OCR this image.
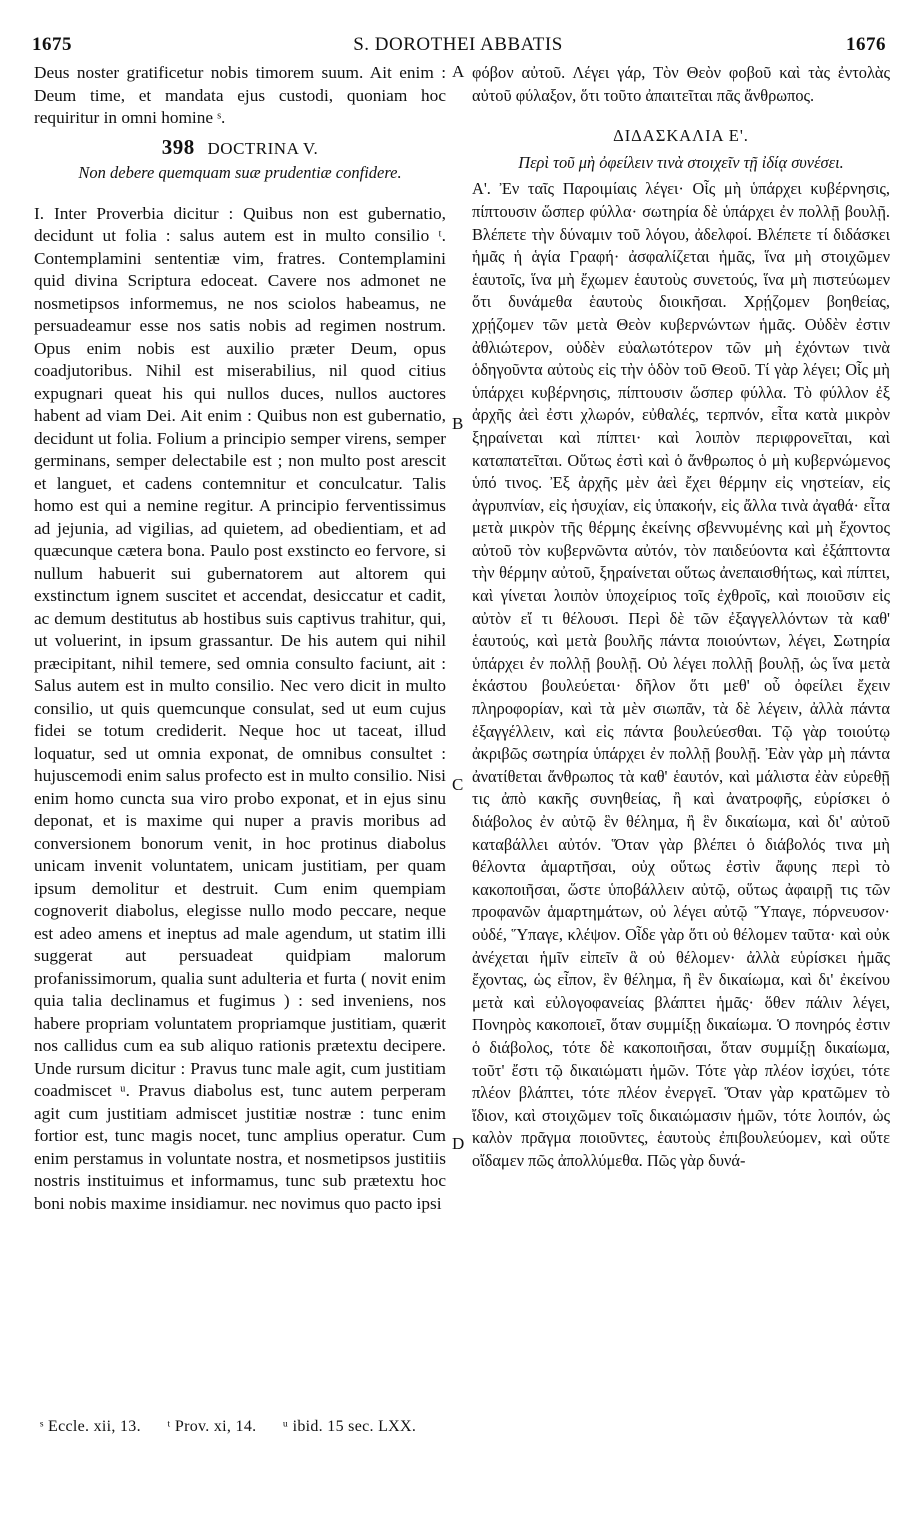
1675	S. DOROTHEI ABBATIS	1676

Deus noster gratificetur nobis timorem suum. Ait enim : Deum time, et mandata ejus custodi, quoniam hoc requiritur in omni homine ˢ.

398 DOCTRINA V.
Non debere quemquam suæ prudentiæ confidere.

I. Inter Proverbia dicitur : Quibus non est gubernatio, decidunt ut folia : salus autem est in multo consilio ᵗ. Contemplamini sententiæ vim, fratres. Contemplamini quid divina Scriptura edoceat. Cavere nos admonet ne nosmetipsos informemus, ne nos sciolos habeamus, ne persuadeamur esse nos satis nobis ad regimen nostrum. Opus enim nobis est auxilio præter Deum, opus coadjutoribus. Nihil est miserabilius, nil quod citius expugnari queat his qui nullos duces, nullos auctores habent ad viam Dei. Ait enim : Quibus non est gubernatio, decidunt ut folia. Folium a principio semper virens, semper germinans, semper delectabile est ; non multo post arescit et languet, et cadens contemnitur et conculcatur. Talis homo est qui a nemine regitur. A principio ferventissimus ad jejunia, ad vigilias, ad quietem, ad obedientiam, et ad quæcunque cætera bona. Paulo post exstincto eo fervore, si nullum habuerit sui gubernatorem aut altorem qui exstinctum ignem suscitet et accendat, desiccatur et cadit, ac demum destitutus ab hostibus suis captivus trahitur, qui, ut voluerint, in ipsum grassantur. De his autem qui nihil præcipitant, nihil temere, sed omnia consulto faciunt, ait : Salus autem est in multo consilio. Nec vero dicit in multo consilio, ut quis quemcunque consulat, sed ut eum cujus fidei se totum crediderit. Neque hoc ut taceat, illud loquatur, sed ut omnia exponat, de omnibus consultet : hujuscemodi enim salus profecto est in multo consilio. Nisi enim homo cuncta sua viro probo exponat, et in ejus sinu deponat, et is maxime qui nuper a pravis moribus ad conversionem bonorum venit, in hoc protinus diabolus unicam invenit voluntatem, unicam justitiam, per quam ipsum demolitur et destruit. Cum enim quempiam cognoverit diabolus, elegisse nullo modo peccare, neque est adeo amens et ineptus ad male agendum, ut statim illi suggerat aut persuadeat quidpiam malorum profanissimorum, qualia sunt adulteria et furta ( novit enim quia talia declinamus et fugimus ) : sed inveniens, nos habere propriam voluntatem propriamque justitiam, quærit nos callidus cum ea sub aliquo rationis prætextu decipere. Unde rursum dicitur : Pravus tunc male agit, cum justitiam coadmiscet ᵘ. Pravus diabolus est, tunc autem perperam agit cum justitiam admiscet justitiæ nostræ : tunc enim fortior est, tunc magis nocet, tunc amplius operatur. Cum enim perstamus in voluntate nostra, et nosmetipsos justitiis nostris instituimus et informamus, tunc sub prætextu hoc boni nobis maxime insidiamur. nec novimus quo pacto ipsi

A
B
C
D

φόβον αὐτοῦ. Λέγει γάρ, Τὸν Θεὸν φοβοῦ καὶ τὰς ἐντολὰς αὐτοῦ φύλαξον, ὅτι τοῦτο ἀπαιτεῖται πᾶς ἄνθρωπος.

ΔΙΔΑΣΚΑΛΙΑ Ε'.
Περὶ τοῦ μὴ ὀφείλειν τινὰ στοιχεῖν τῇ ἰδίᾳ συνέσει.

Α'. Ἐν ταῖς Παροιμίαις λέγει· Οἷς μὴ ὑπάρχει κυβέρνησις, πίπτουσιν ὥσπερ φύλλα· σωτηρία δὲ ὑπάρχει ἐν πολλῇ βουλῇ. Βλέπετε τὴν δύναμιν τοῦ λόγου, ἀδελφοί. Βλέπετε τί διδάσκει ἡμᾶς ἡ ἁγία Γραφή· ἀσφαλίζεται ἡμᾶς, ἵνα μὴ στοιχῶμεν ἑαυτοῖς, ἵνα μὴ ἔχωμεν ἑαυτοὺς συνετούς, ἵνα μὴ πιστεύωμεν ὅτι δυνάμεθα ἑαυτοὺς διοικῆσαι. Χρῄζομεν βοηθείας, χρῄζομεν τῶν μετὰ Θεὸν κυβερνώντων ἡμᾶς. Οὐδὲν ἐστιν ἀθλιώτερον, οὐδὲν εὐαλωτότερον τῶν μὴ ἐχόντων τινὰ ὁδηγοῦντα αὐτοὺς εἰς τὴν ὁδὸν τοῦ Θεοῦ. Τί γὰρ λέγει; Οἷς μὴ ὑπάρχει κυβέρνησις, πίπτουσιν ὥσπερ φύλλα. Τὸ φύλλον ἐξ ἀρχῆς ἀεὶ ἐστι χλωρόν, εὐθαλές, τερπνόν, εἶτα κατὰ μικρὸν ξηραίνεται καὶ πίπτει· καὶ λοιπὸν περιφρονεῖται, καὶ καταπατεῖται. Οὕτως ἐστὶ καὶ ὁ ἄνθρωπος ὁ μὴ κυβερνώμενος ὑπό τινος. Ἐξ ἀρχῆς μὲν ἀεὶ ἔχει θέρμην εἰς νηστείαν, εἰς ἀγρυπνίαν, εἰς ἡσυχίαν, εἰς ὑπακοήν, εἰς ἄλλα τινὰ ἀγαθά· εἶτα μετὰ μικρὸν τῆς θέρμης ἐκείνης σβεννυμένης καὶ μὴ ἔχοντος αὐτοῦ τὸν κυβερνῶντα αὐτόν, τὸν παιδεύοντα καὶ ἐξάπτοντα τὴν θέρμην αὐτοῦ, ξηραίνεται οὕτως ἀνεπαισθήτως, καὶ πίπτει, καὶ γίνεται λοιπὸν ὑποχείριος τοῖς ἐχθροῖς, καὶ ποιοῦσιν εἰς αὐτὸν εἴ τι θέλουσι. Περὶ δὲ τῶν ἐξαγγελλόντων τὰ καθ' ἑαυτούς, καὶ μετὰ βουλῆς πάντα ποιούντων, λέγει, Σωτηρία ὑπάρχει ἐν πολλῇ βουλῇ. Οὐ λέγει πολλῇ βουλῇ, ὡς ἵνα μετὰ ἑκάστου βουλεύεται· δῆλον ὅτι μεθ' οὗ ὀφείλει ἔχειν πληροφορίαν, καὶ τὰ μὲν σιωπᾶν, τὰ δὲ λέγειν, ἀλλὰ πάντα ἐξαγγέλλειν, καὶ εἰς πάντα βουλεύεσθαι. Τῷ γὰρ τοιούτῳ ἀκριβῶς σωτηρία ὑπάρχει ἐν πολλῇ βουλῇ. Ἐὰν γὰρ μὴ πάντα ἀνατίθεται ἄνθρωπος τὰ καθ' ἑαυτόν, καὶ μάλιστα ἐὰν εὑρεθῇ τις ἀπὸ κακῆς συνηθείας, ἢ καὶ ἀνατροφῆς, εὑρίσκει ὁ διάβολος ἐν αὐτῷ ἓν θέλημα, ἢ ἓν δικαίωμα, καὶ δι' αὐτοῦ καταβάλλει αὐτόν. Ὅταν γὰρ βλέπει ὁ διάβολός τινα μὴ θέλοντα ἁμαρτῆσαι, οὐχ οὕτως ἐστὶν ἄφυης περὶ τὸ κακοποιῆσαι, ὥστε ὑποβάλλειν αὐτῷ, οὕτως ἀφαιρῇ τις τῶν προφανῶν ἁμαρτημάτων, οὐ λέγει αὐτῷ Ὕπαγε, πόρνευσον· οὐδέ, Ὕπαγε, κλέψον. Οἶδε γὰρ ὅτι οὐ θέλομεν ταῦτα· καὶ οὐκ ἀνέχεται ἡμῖν εἰπεῖν ἃ οὐ θέλομεν· ἀλλὰ εὑρίσκει ἡμᾶς ἔχοντας, ὡς εἶπον, ἓν θέλημα, ἢ ἓν δικαίωμα, καὶ δι' ἐκείνου μετὰ καὶ εὐλογοφανείας βλάπτει ἡμᾶς· ὅθεν πάλιν λέγει, Πονηρὸς κακοποιεῖ, ὅταν συμμίξῃ δικαίωμα. Ὁ πονηρός ἐστιν ὁ διάβολος, τότε δὲ κακοποιῆσαι, ὅταν συμμίξῃ δικαίωμα, τοῦτ' ἔστι τῷ δικαιώματι ἡμῶν. Τότε γὰρ πλέον ἰσχύει, τότε πλέον βλάπτει, τότε πλέον ἐνεργεῖ. Ὅταν γὰρ κρατῶμεν τὸ ἴδιον, καὶ στοιχῶμεν τοῖς δικαιώμασιν ἡμῶν, τότε λοιπόν, ὡς καλὸν πρᾶγμα ποιοῦντες, ἑαυτοὺς ἐπιβουλεύομεν, καὶ οὔτε οἴδαμεν πῶς ἀπολλύμεθα. Πῶς γὰρ δυνά-

ˢ Eccle. xii, 13. ᵗ Prov. xi, 14. ᵘ ibid. 15 sec. LXX.
